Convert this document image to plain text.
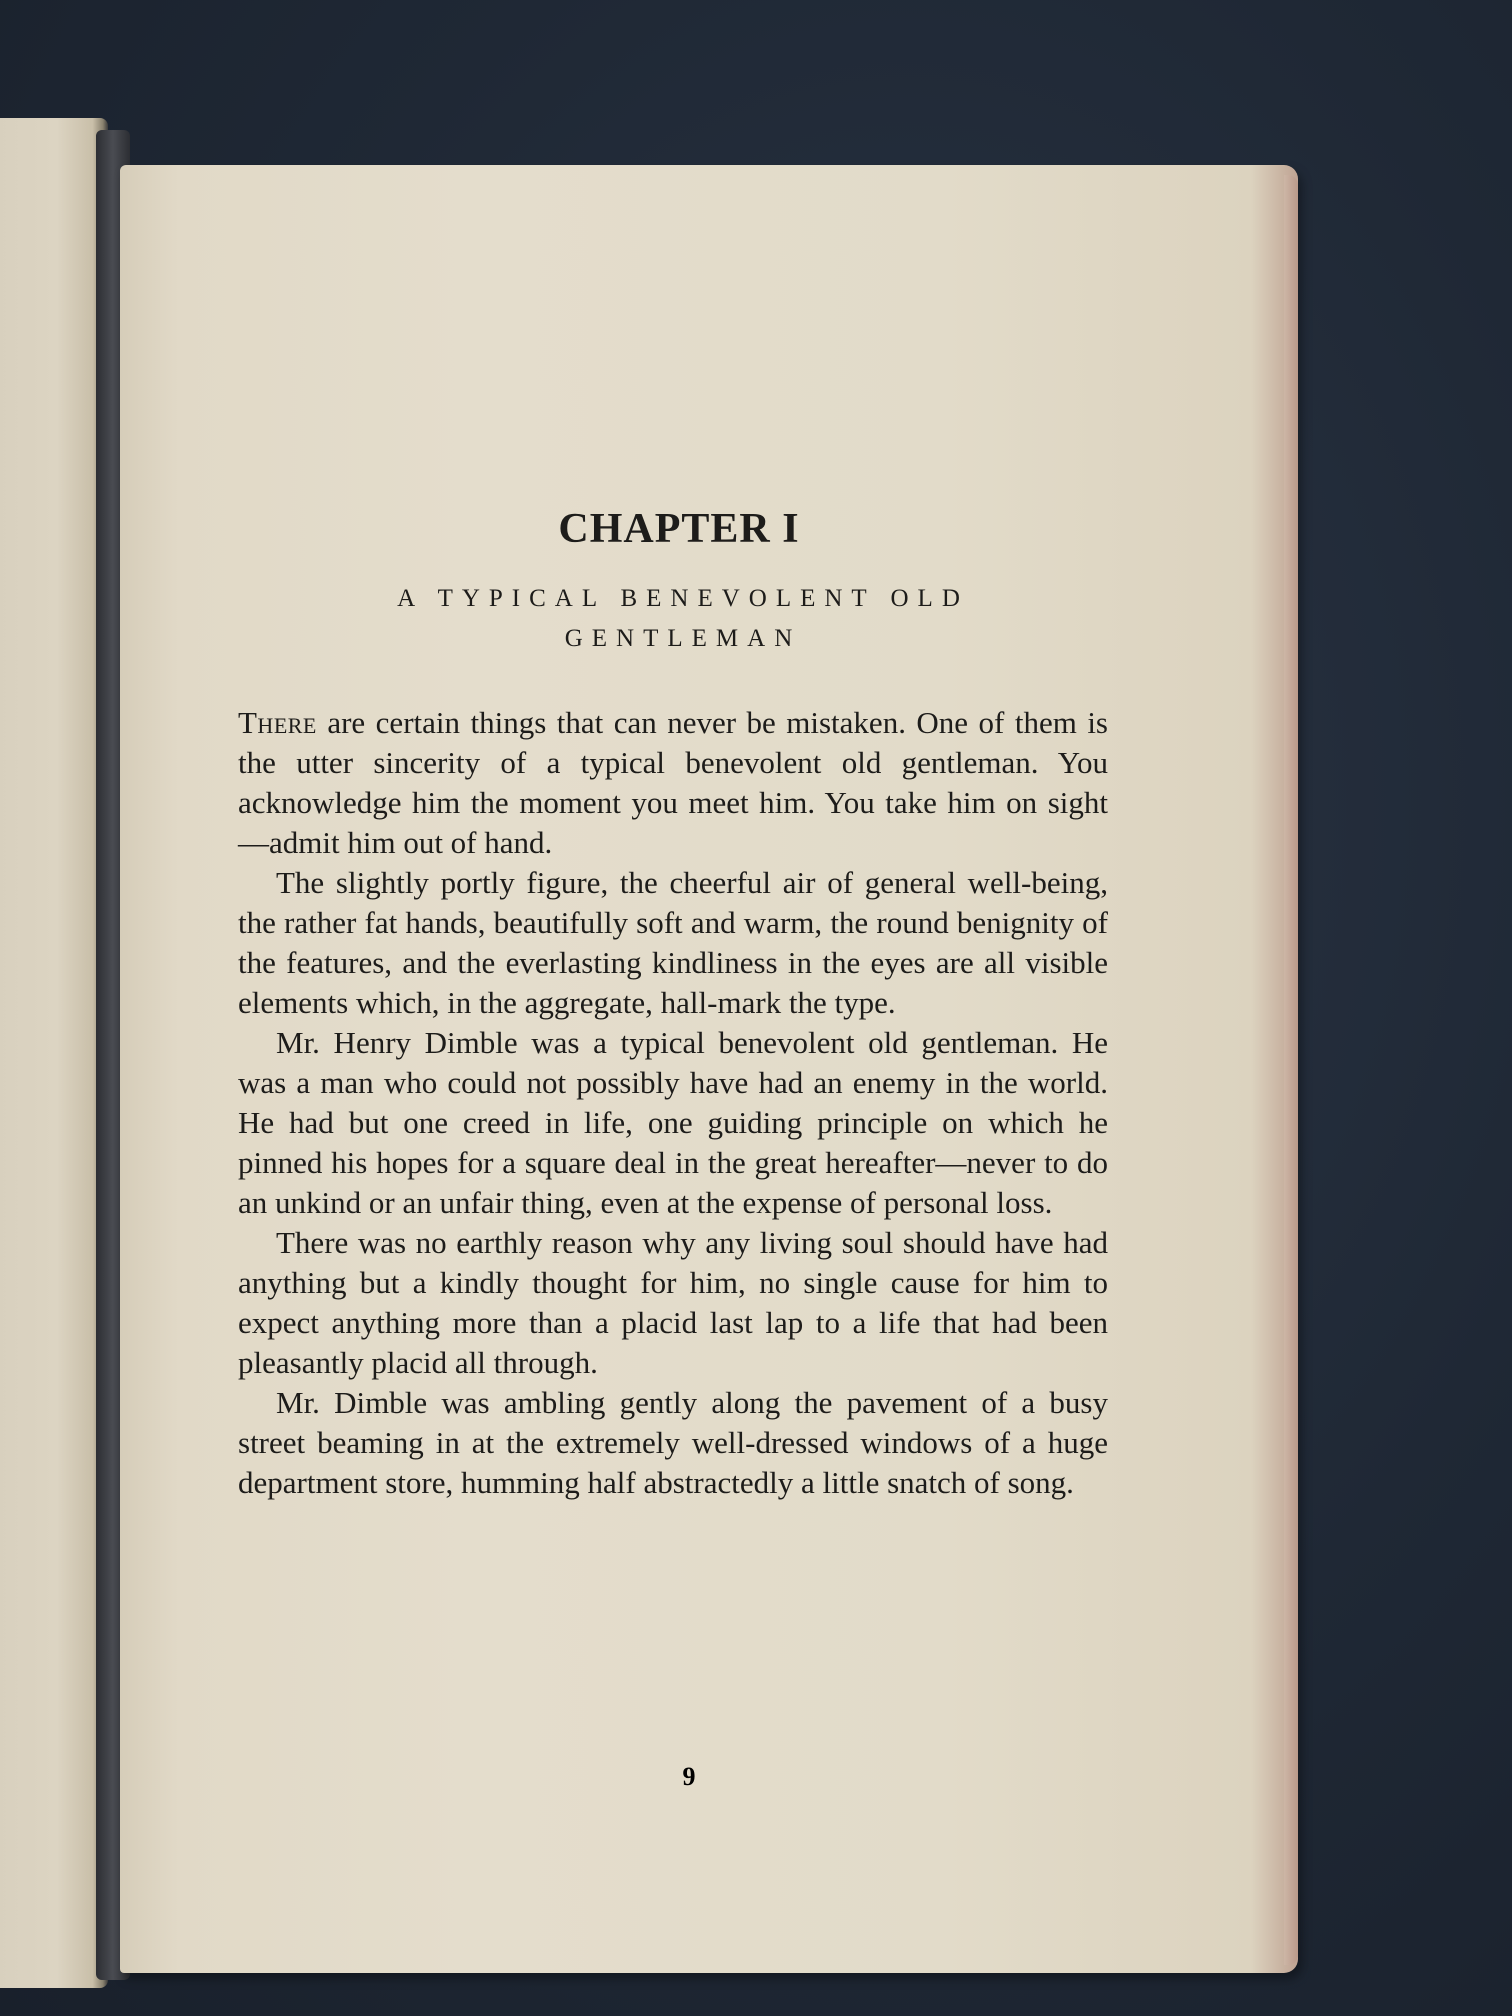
CHAPTER I
A TYPICAL BENEVOLENT OLD
GENTLEMAN

There are certain things that can never be mistaken. One of them is the utter sincerity of a typical benevolent old gentleman. You acknowledge him the moment you meet him. You take him on sight—admit him out of hand.

The slightly portly figure, the cheerful air of general well-being, the rather fat hands, beautifully soft and warm, the round benignity of the features, and the everlasting kindliness in the eyes are all visible elements which, in the aggregate, hall-mark the type.

Mr. Henry Dimble was a typical benevolent old gentleman. He was a man who could not possibly have had an enemy in the world. He had but one creed in life, one guiding principle on which he pinned his hopes for a square deal in the great hereafter—never to do an unkind or an unfair thing, even at the expense of personal loss.

There was no earthly reason why any living soul should have had anything but a kindly thought for him, no single cause for him to expect anything more than a placid last lap to a life that had been pleasantly placid all through.

Mr. Dimble was ambling gently along the pavement of a busy street beaming in at the extremely well-dressed windows of a huge department store, humming half abstractedly a little snatch of song.

9
